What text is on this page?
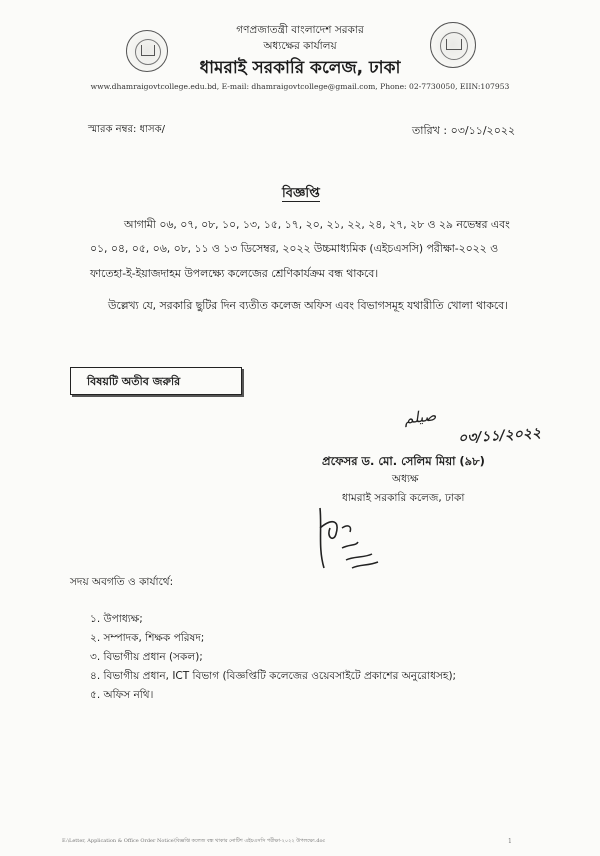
গণপ্রজাতন্ত্রী বাংলাদেশ সরকার
অধ্যক্ষের কার্যালয়
ধামরাই সরকারি কলেজ, ঢাকা
www.dhamraigovtcollege.edu.bd, E-mail: dhamraigovtcollege@gmail.com, Phone: 02-7730050, EIIN:107953
স্মারক নম্বর: ধাসক/	তারিখ : ০৩/১১/২০২২
বিজ্ঞপ্তি
আগামী ০৬, ০৭, ০৮, ১০, ১৩, ১৫, ১৭, ২০, ২১, ২২, ২৪, ২৭, ২৮ ও ২৯ নভেম্বর এবং
০১, ০৪, ০৫, ০৬, ০৮, ১১ ও ১৩ ডিসেম্বর, ২০২২ উচ্চমাধ্যমিক (এইচএসসি) পরীক্ষা-২০২২ ও
ফাতেহা-ই-ইয়াজদাহম উপলক্ষ্যে কলেজের শ্রেণিকার্যক্রম বন্ধ থাকবে।
উল্লেখ্য যে, সরকারি ছুটির দিন ব্যতীত কলেজ অফিস এবং বিভাগসমূহ যথারীতি খোলা থাকবে।
বিষয়টি অতীব জরুরি
ﺻﯿﻠﻢ
০৩/১১/২০২২
প্রফেসর ড. মো. সেলিম মিয়া (৯৮)
অধ্যক্ষ
ধামরাই সরকারি কলেজ, ঢাকা
সদয় অবগতি ও কার্যার্থে:
১. উপাধ্যক্ষ;
২. সম্পাদক, শিক্ষক পরিষদ;
৩. বিভাগীয় প্রধান (সকল);
৪. বিভাগীয় প্রধান, ICT বিভাগ (বিজ্ঞপ্তিটি কলেজের ওয়েবসাইটে প্রকাশের অনুরোধসহ);
৫. অফিস নথি।
E:\Letter, Application & Office Order Notice\বিজ্ঞপ্তি কলেজ বন্ধ থাকার নোটিশ এইচএসসি পরীক্ষা-২০২২ উপলক্ষ্যে.doc	1
